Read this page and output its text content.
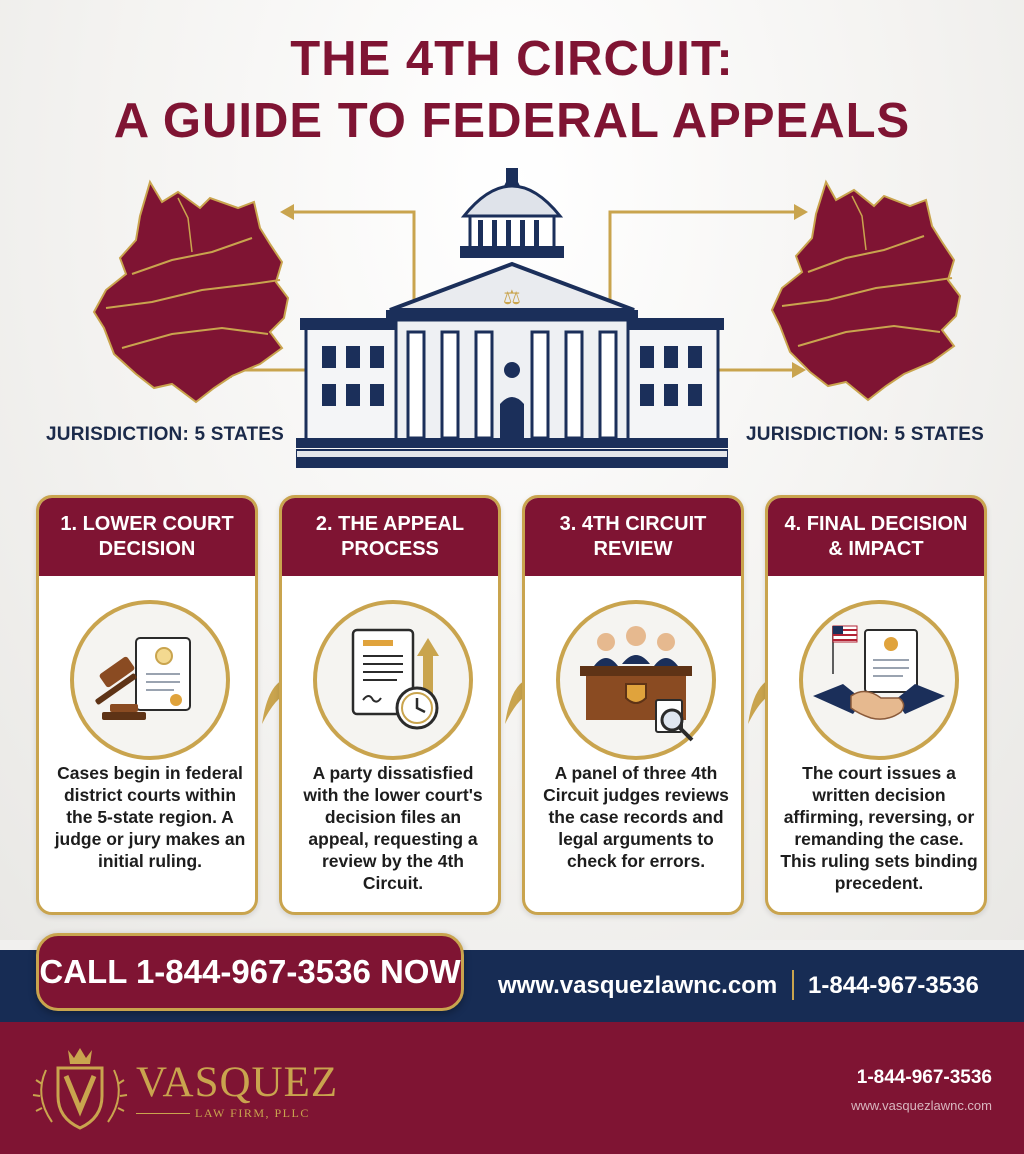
THE 4TH CIRCUIT:
A GUIDE TO FEDERAL APPEALS
JURISDICTION: 5 STATES	JURISDICTION: 5 STATES
⚖
1. LOWER COURT
DECISION
Cases begin in federal district courts within the 5-state region. A judge or jury makes an initial ruling.
2. THE APPEAL
PROCESS
A party dissatisfied with the lower court's decision files an appeal, requesting a review by the 4th Circuit.
3. 4TH CIRCUIT
REVIEW
A panel of three 4th Circuit judges reviews the case records and legal arguments to check for errors.
4. FINAL DECISION
& IMPACT
The court issues a written decision affirming, reversing, or remanding the case. This ruling sets binding precedent.
CALL 1-844-967-3536 NOW www.vasquezlawnc.com 1-844-967-3536
VASQUEZ
LAW FIRM, PLLC
1-844-967-3536
www.vasquezlawnc.com
